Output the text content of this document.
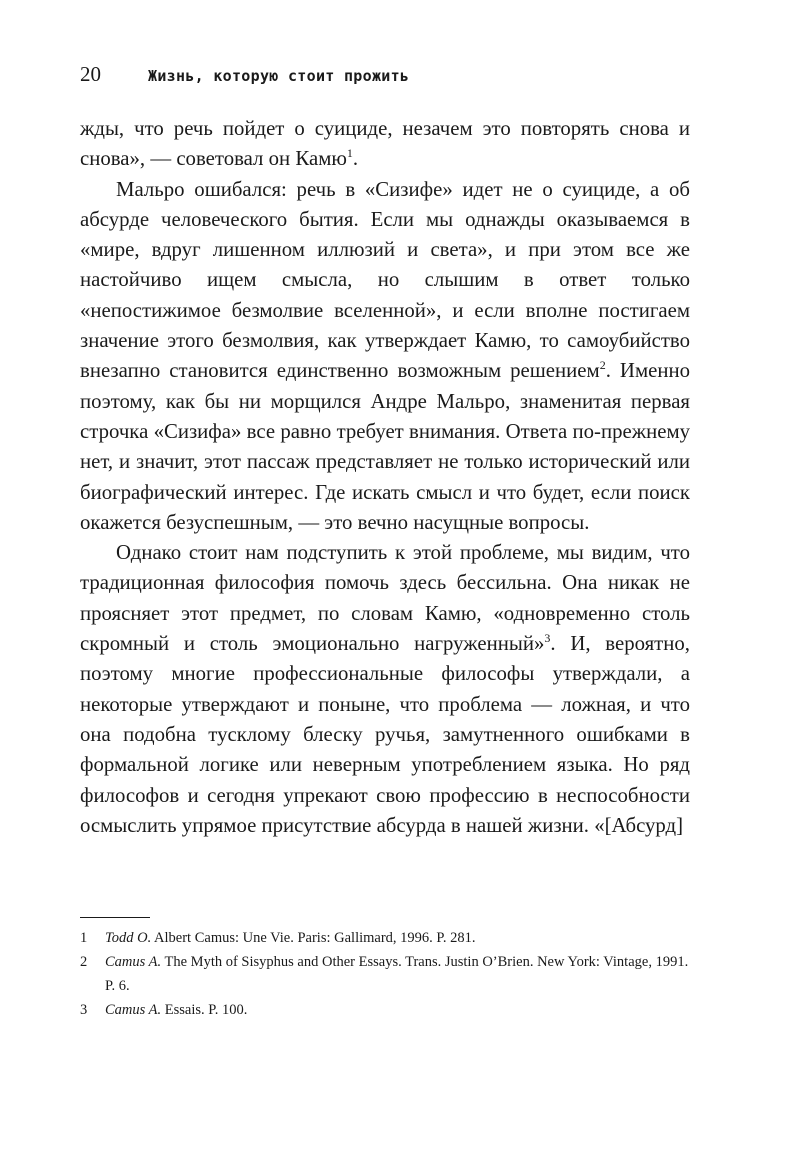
20	Жизнь, которую стоит прожить

жды, что речь пойдет о суициде, незачем это повторять снова и снова», — советовал он Камю$^1$.

Мальро ошибался: речь в «Сизифе» идет не о суициде, а об абсурде человеческого бытия. Если мы однажды оказываемся в «мире, вдруг лишенном иллюзий и света», и при этом все же настойчиво ищем смысла, но слышим в ответ только «непостижимое безмолвие вселенной», и если вполне постигаем значение этого безмолвия, как утверждает Камю, то самоубийство внезапно становится единственно возможным решением$^2$. Именно поэтому, как бы ни морщился Андре Мальро, знаменитая первая строчка «Сизифа» все равно требует внимания. Ответа по-прежнему нет, и значит, этот пассаж представляет не только исторический или биографический интерес. Где искать смысл и что будет, если поиск окажется безуспешным, — это вечно насущные вопросы.

Однако стоит нам подступить к этой проблеме, мы видим, что традиционная философия помочь здесь бессильна. Она никак не проясняет этот предмет, по словам Камю, «одновременно столь скромный и столь эмоционально нагруженный»$^3$. И, вероятно, поэтому многие профессиональные философы утверждали, а некоторые утверждают и поныне, что проблема — ложная, и что она подобна тусклому блеску ручья, замутненного ошибками в формальной логике или неверным употреблением языка. Но ряд философов и сегодня упрекают свою профессию в неспособности осмыслить упрямое присутствие абсурда в нашей жизни. «[Абсурд]

1 Todd O. Albert Camus: Une Vie. Paris: Gallimard, 1996. P. 281.
2 Camus A. The Myth of Sisyphus and Other Essays. Trans. Justin O’Brien. New York: Vintage, 1991. P. 6.
3 Camus A. Essais. P. 100.
